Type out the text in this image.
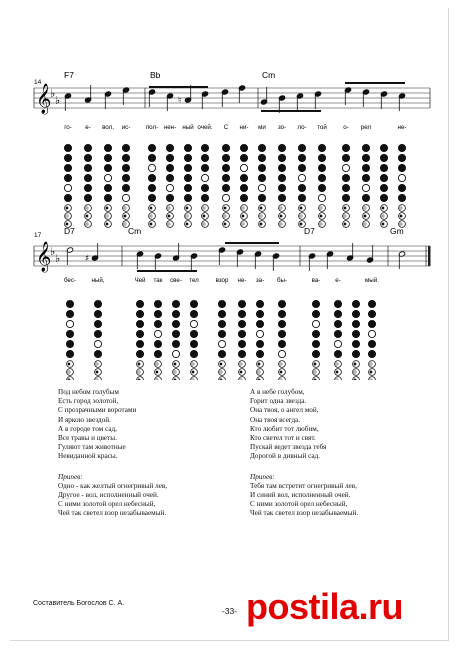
14
𝄞
♭
♭	♮
F7	Bb	Cm
го- е- вол, ис-	пол- нен- ный очей. С ни- ми зо- ло- той	о- рел	не-
17
𝄞
♭
♭	♯
D7	Cm	D7	Gm
бес- ный,	Чей так све- тел	взор не- за- бы-	ва- е-	мый.
Под небом голубым
Есть город золотой,
С прозрачными воротами
И яркою звездой.
А в городе том сад,
Все травы и цветы.
Гуляют там животные
Невиданной красы.
Припев:
Одно - как желтый огнегривый лев,
Другое - вол, исполненный очей.
С ними золотой орел небесный,
Чей так светел взор незабываемый.
А в небе голубом,
Горит одна звезда.
Она твоя, о ангел мой,
Она твоя всегда.
Кто любит тот любим,
Кто светел тот и свят.
Пускай ведет звезда тебя
Дорогой в дивный сад.
Припев:
Тебя там встретит огнегривый лев,
И синий вол, исполненный очей.
С ними золотой орел небесный,
Чей так светел взор незабываемый.
Составитель Богослов С. А.
-33- postila.ru
